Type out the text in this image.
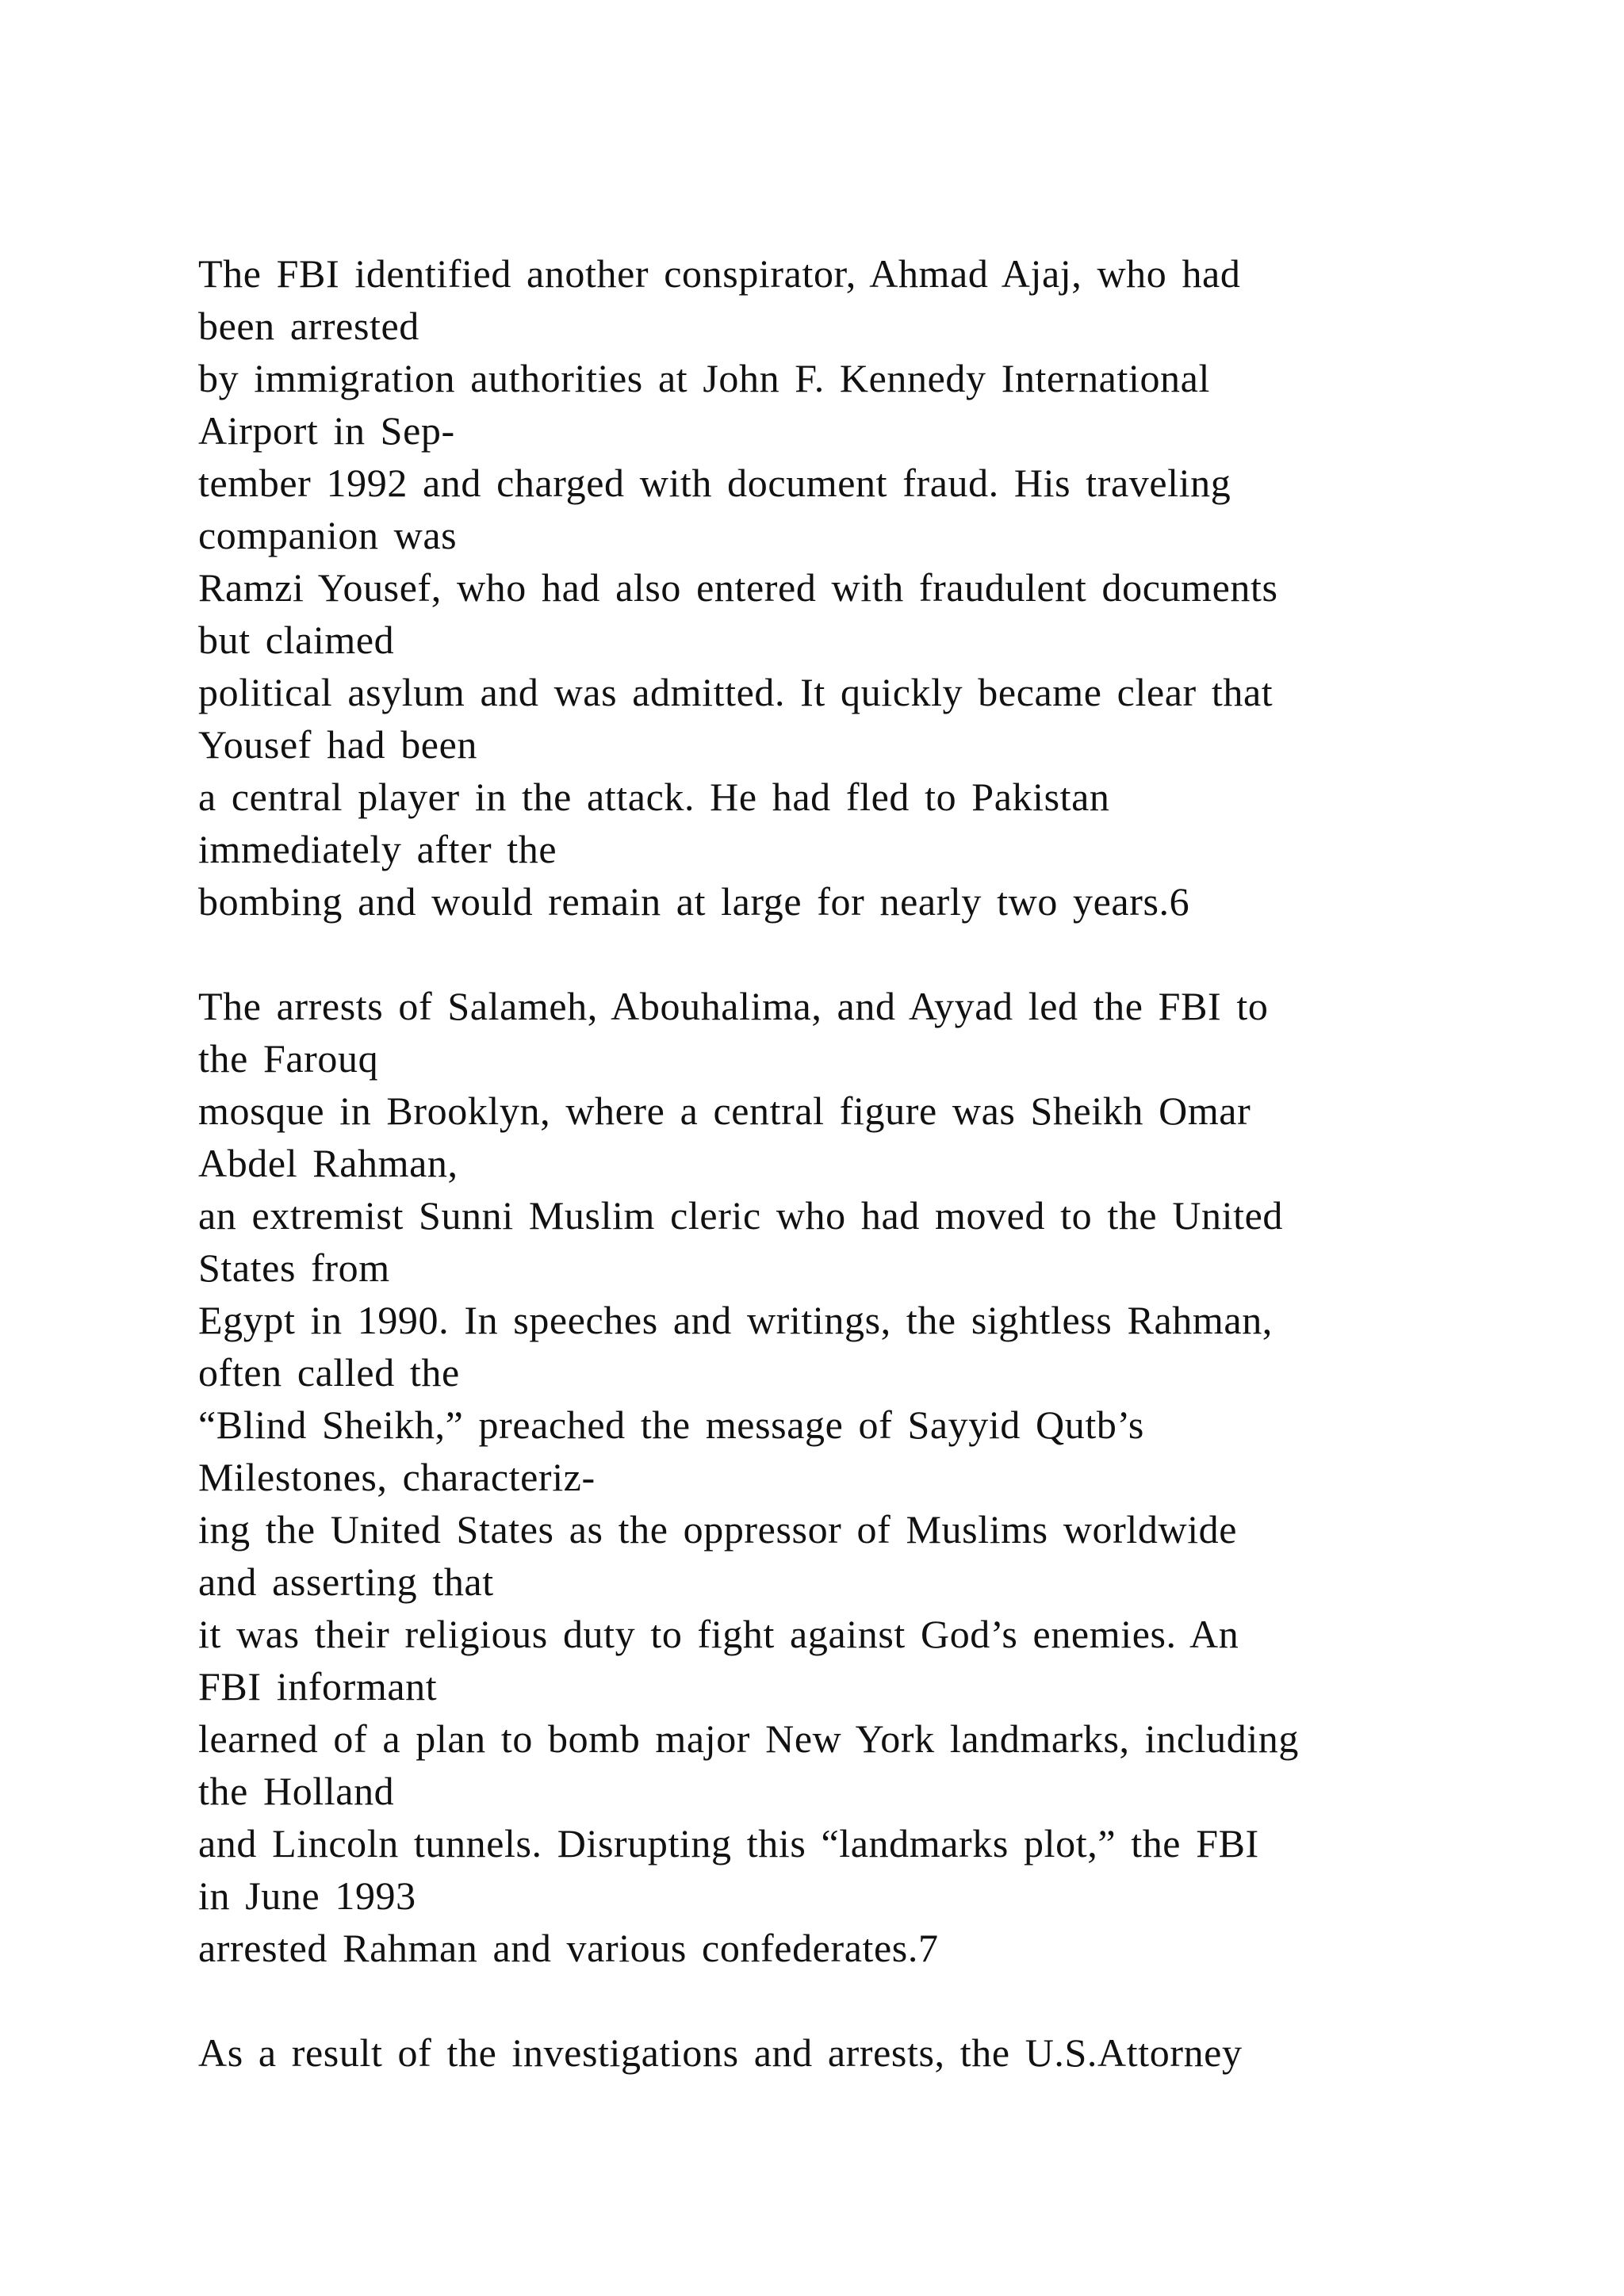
The FBI identified another conspirator, Ahmad Ajaj, who had
been arrested
by immigration authorities at John F. Kennedy International
Airport in Sep-
tember 1992 and charged with document fraud. His traveling
companion was
Ramzi Yousef, who had also entered with fraudulent documents
but claimed
political asylum and was admitted. It quickly became clear that
Yousef had been
a central player in the attack. He had fled to Pakistan
immediately after the
bombing and would remain at large for nearly two years.6
The arrests of Salameh, Abouhalima, and Ayyad led the FBI to
the Farouq
mosque in Brooklyn, where a central figure was Sheikh Omar
Abdel Rahman,
an extremist Sunni Muslim cleric who had moved to the United
States from
Egypt in 1990. In speeches and writings, the sightless Rahman,
often called the
“Blind Sheikh,” preached the message of Sayyid Qutb’s
Milestones, characteriz-
ing the United States as the oppressor of Muslims worldwide
and asserting that
it was their religious duty to fight against God’s enemies. An
FBI informant
learned of a plan to bomb major New York landmarks, including
the Holland
and Lincoln tunnels. Disrupting this “landmarks plot,” the FBI
in June 1993
arrested Rahman and various confederates.7
As a result of the investigations and arrests, the U.S.Attorney
